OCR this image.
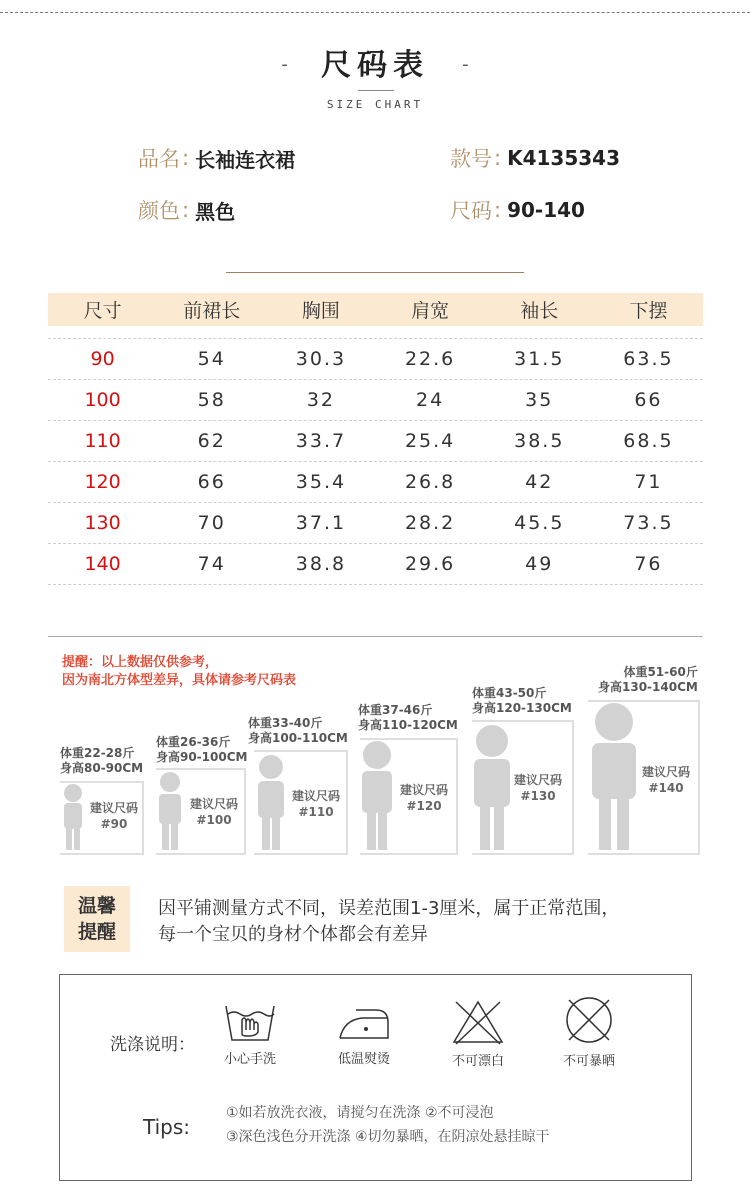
- 尺码表 -
SIZE CHART
品名 : 长袖连衣裙	款号 : K4135343
颜色 : 黑色	尺码 : 90-140
尺寸	前裙长	胸围	肩宽	袖长	下摆
90	54	30.3	22.6	31.5	63.5
100	58	32	24	35	66
110	62	33.7	25.4	38.5	68.5
120	66	35.4	26.8	42	71
130	70	37.1	28.2	45.5	73.5
140	74	38.8	29.6	49	76
提醒：以上数据仅供参考，
因为南北方体型差异，具体请参考尺码表
体重22-28斤
身高80-90CM
建议尺码
#90
体重26-36斤
身高90-100CM
建议尺码
#100
体重33-40斤
身高100-110CM
建议尺码
#110
体重37-46斤
身高110-120CM
建议尺码
#120
体重43-50斤
身高120-130CM
建议尺码
#130
体重51-60斤
身高130-140CM
建议尺码
#140
温馨
提醒
因平铺测量方式不同，误差范围1-3厘米，属于正常范围，
每一个宝贝的身材个体都会有差异
洗涤说明：
小心手洗	低温熨烫	不可漂白	不可暴晒
Tips:
①如若放洗衣液，请搅匀在洗涤 ②不可浸泡
③深色浅色分开洗涤 ④切勿暴晒，在阴凉处悬挂晾干
